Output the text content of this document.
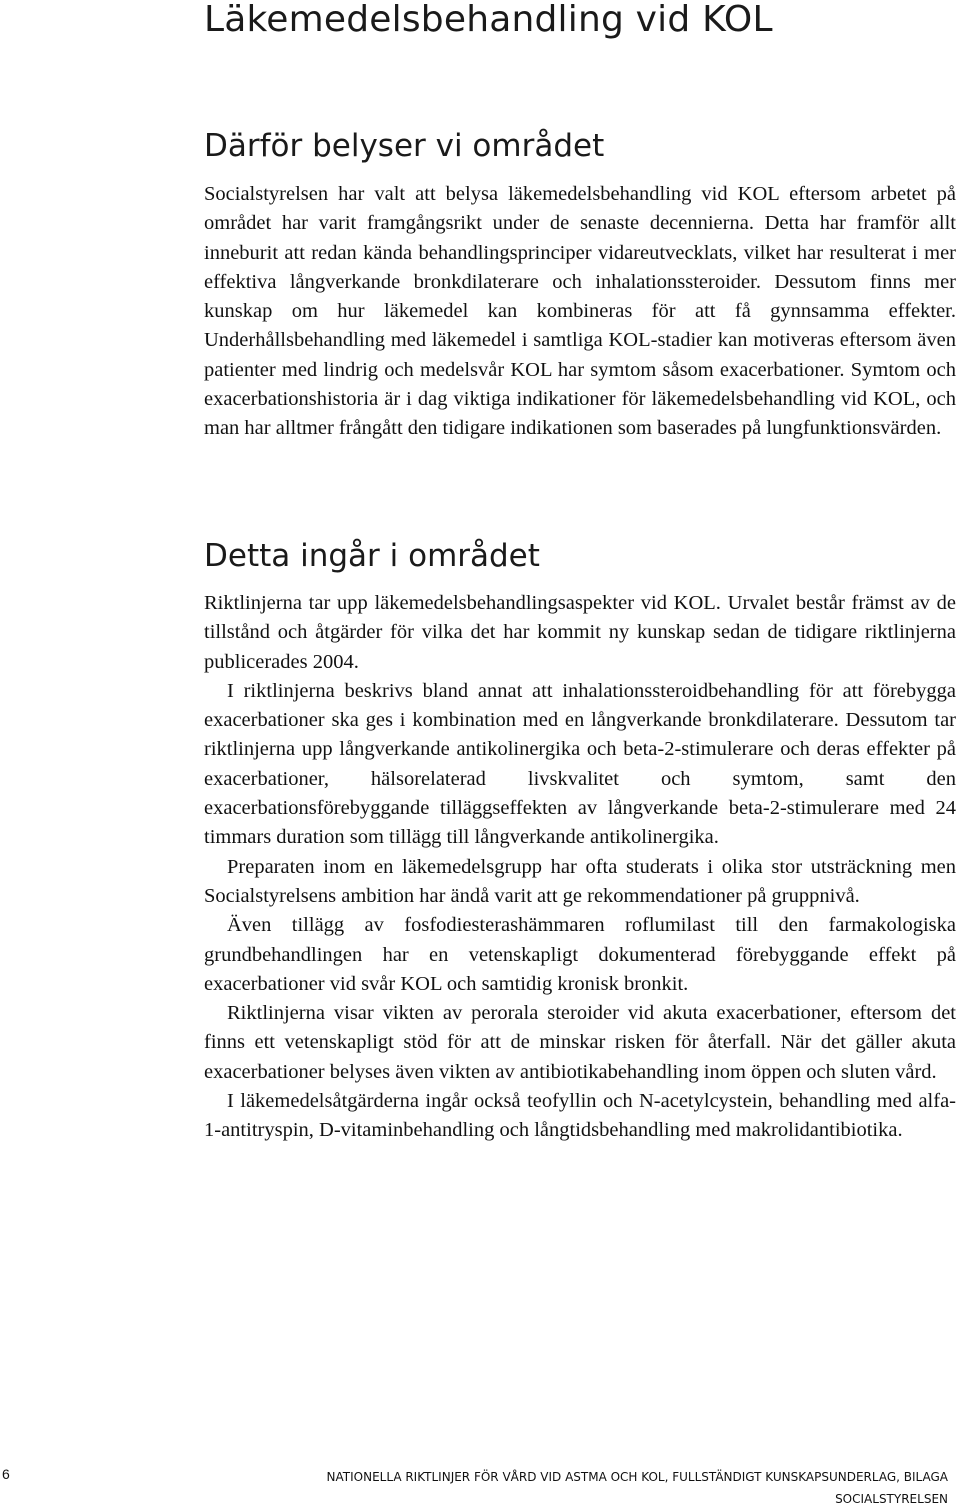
Läkemedelsbehandling vid KOL
Därför belyser vi området

Socialstyrelsen har valt att belysa läkemedelsbehandling vid KOL eftersom arbetet på området har varit framgångsrikt under de senaste decennierna. Detta har framför allt inneburit att redan kända behandlingsprinciper vidareutvecklats, vilket har resulterat i mer effektiva långverkande bronkdilaterare och inhalationssteroider. Dessutom finns mer kunskap om hur läkemedel kan kombineras för att få gynnsamma effekter. Underhållsbehandling med läkemedel i samtliga KOL-stadier kan motiveras eftersom även patienter med lindrig och medelsvår KOL har symtom såsom exacerbationer. Symtom och exacerbationshistoria är i dag viktiga indikationer för läkemedelsbehandling vid KOL, och man har alltmer frångått den tidigare indikationen som baserades på lungfunktionsvärden.

Detta ingår i området

Riktlinjerna tar upp läkemedelsbehandlingsaspekter vid KOL. Urvalet består främst av de tillstånd och åtgärder för vilka det har kommit ny kunskap sedan de tidigare riktlinjerna publicerades 2004.

I riktlinjerna beskrivs bland annat att inhalationssteroidbehandling för att förebygga exacerbationer ska ges i kombination med en långverkande bronkdilaterare. Dessutom tar riktlinjerna upp långverkande antikolinergika och beta-2-stimulerare och deras effekter på exacerbationer, hälsorelaterad livskvalitet och symtom, samt den exacerbationsförebyggande tilläggseffekten av långverkande beta-2-stimulerare med 24 timmars duration som tillägg till långverkande antikolinergika.

Preparaten inom en läkemedelsgrupp har ofta studerats i olika stor utsträckning men Socialstyrelsens ambition har ändå varit att ge rekommendationer på gruppnivå.

Även tillägg av fosfodiesterashämmaren roflumilast till den farmakologiska grundbehandlingen har en vetenskapligt dokumenterad förebyggande effekt på exacerbationer vid svår KOL och samtidig kronisk bronkit.

Riktlinjerna visar vikten av perorala steroider vid akuta exacerbationer, eftersom det finns ett vetenskapligt stöd för att de minskar risken för återfall. När det gäller akuta exacerbationer belyses även vikten av antibiotikabehandling inom öppen och sluten vård.

I läkemedelsåtgärderna ingår också teofyllin och N-acetylcystein, behandling med alfa-1-antitryspin, D-vitaminbehandling och långtidsbehandling med makrolidantibiotika.

6	NATIONELLA RIKTLINJER FÖR VÅRD VID ASTMA OCH KOL, FULLSTÄNDIGT KUNSKAPSUNDERLAG, BILAGA
SOCIALSTYRELSEN
